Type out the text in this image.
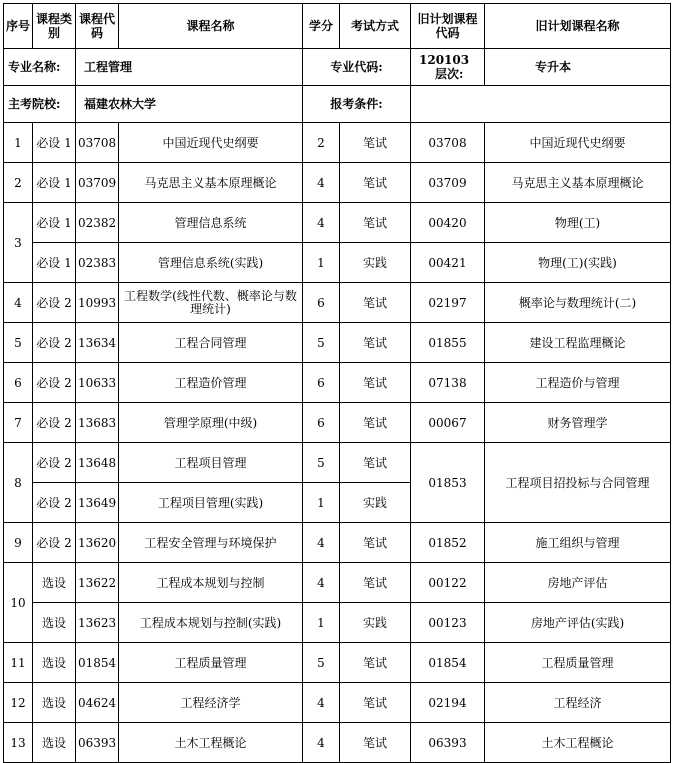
专业名称:		工程管理		专业代码:		120103 层次:	专升本
主考院校:		福建农林大学		报考条件:			
序号	课程类别	课程代码	课程名称	学分	考试方式	旧计划课程代码	旧计划课程名称
1	必设 1	03708	中国近现代史纲要	2	笔试	03708	中国近现代史纲要
2	必设 1	03709	马克思主义基本原理概论	4	笔试	03709	马克思主义基本原理概论
3	必设 1	02382	管理信息系统	4	笔试	00420	物理(工)
	必设 1	02383	管理信息系统(实践)	1	实践	00421	物理(工)(实践)
4	必设 2	10993	工程数学(线性代数、概率论与数理统计)	6	笔试	02197	概率论与数理统计(二)
5	必设 2	13634	工程合同管理	5	笔试	01855	建设工程监理概论
6	必设 2	10633	工程造价管理	6	笔试	07138	工程造价与管理
7	必设 2	13683	管理学原理(中级)	6	笔试	00067	财务管理学
8	必设 2	13648	工程项目管理	5	笔试	01853	工程项目招投标与合同管理
	必设 2	13649	工程项目管理(实践)	1	实践		
9	必设 2	13620	工程安全管理与环境保护	4	笔试	01852	施工组织与管理
10	选设	13622	工程成本规划与控制	4	笔试	00122	房地产评估
	选设	13623	工程成本规划与控制(实践)	1	实践	00123	房地产评估(实践)
11	选设	01854	工程质量管理	5	笔试	01854	工程质量管理
12	选设	04624	工程经济学	4	笔试	02194	工程经济
13	选设	06393	土木工程概论	4	笔试	06393	土木工程概论
